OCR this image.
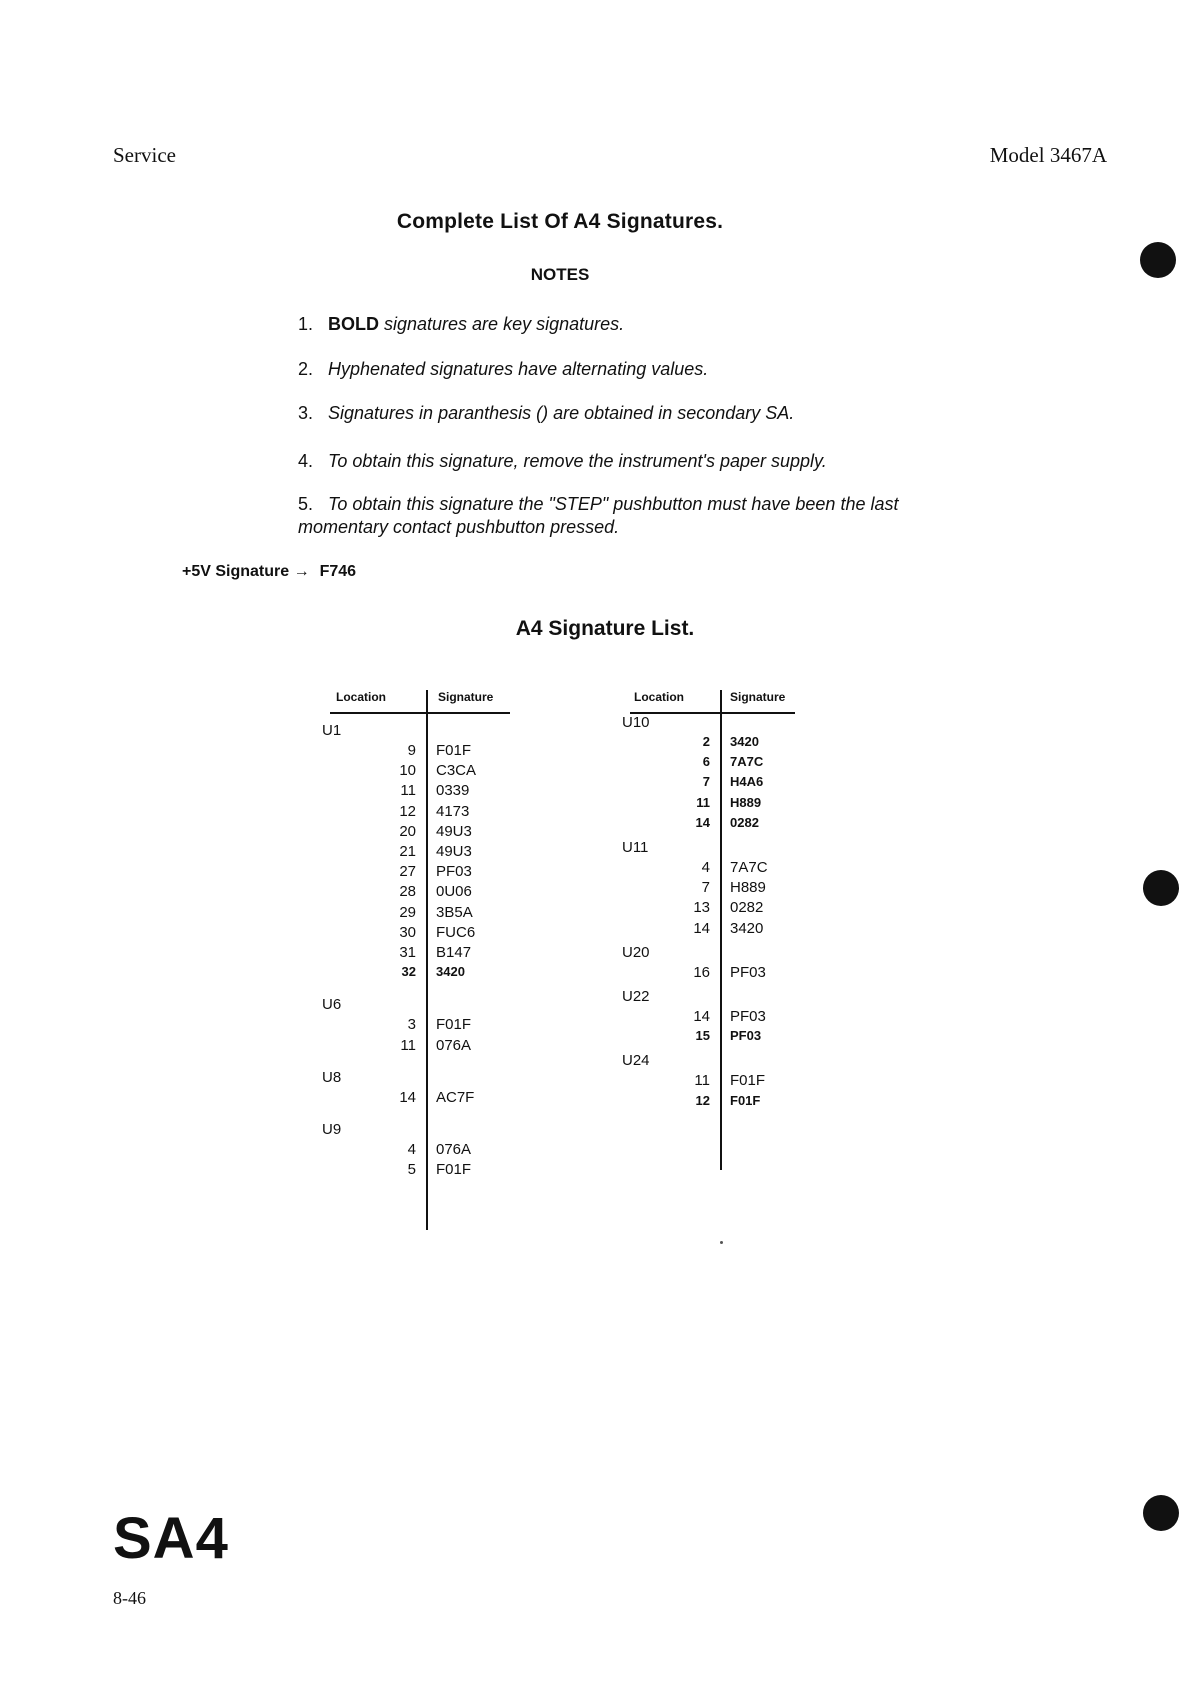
Service	Model 3467A
Complete List Of A4 Signatures.
NOTES
1. BOLD signatures are key signatures.
2. Hyphenated signatures have alternating values.
3. Signatures in paranthesis () are obtained in secondary SA.
4. To obtain this signature, remove the instrument's paper supply.
5. To obtain this signature the "STEP" pushbutton must have been the last momentary contact pushbutton pressed.
+5V Signature → F746
A4 Signature List.
Location	Signature
U1
9 F01F
10 C3CA
11 0339
12 4173
20 49U3
21 49U3
27 PF03
28 0U06
29 3B5A
30 FUC6
31 B147
32 3420
U6
3 F01F
11 076A
U8
14 AC7F
U9
4 076A
5 F01F
Location	Signature
U10
2 3420
6 7A7C
7 H4A6
11 H889
14 0282
U11
4 7A7C
7 H889
13 0282
14 3420
U20
16 PF03
U22
14 PF03
15 PF03
U24
11 F01F
12 F01F
SA4
8-46
